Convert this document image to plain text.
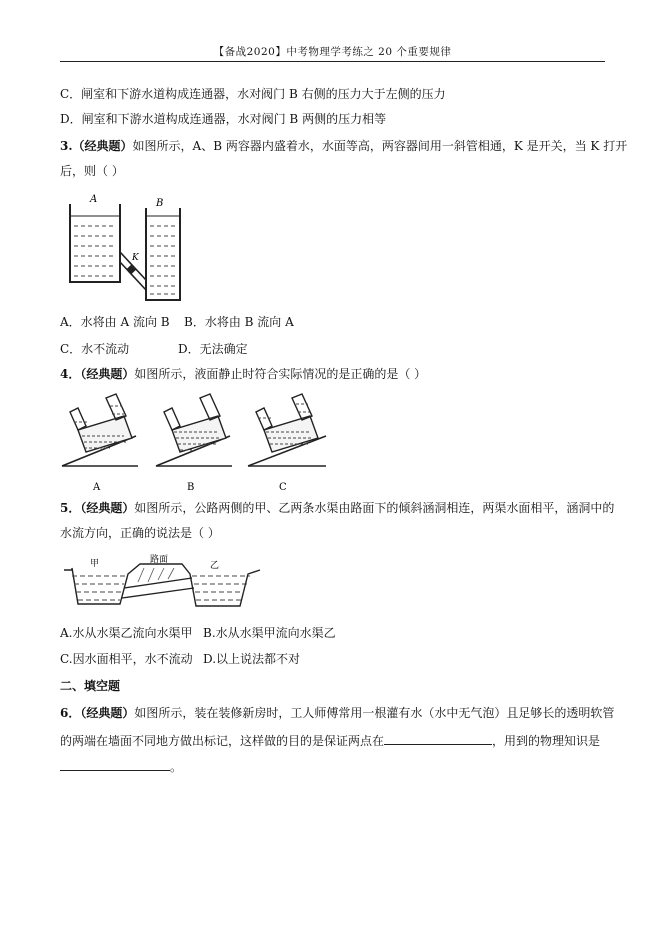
【备战2020】中考物理学考练之 20 个重要规律
C．闸室和下游水道构成连通器，水对阀门 B 右侧的压力大于左侧的压力
D．闸室和下游水道构成连通器，水对阀门 B 两侧的压力相等
3.（经典题）如图所示，A、B 两容器内盛着水，水面等高，两容器间用一斜管相通，K 是开关，当 K 打开
后，则（ ）
A	B
K
A．水将由 A 流向 B B．水将由 B 流向 A
C．水不流动	D．无法确定
4．（经典题）如图所示，液面静止时符合实际情况的是正确的是（ ）
A	B	C
5．（经典题）如图所示，公路两侧的甲、乙两条水渠由路面下的倾斜涵洞相连，两渠水面相平，涵洞中的
水流方向，正确的说法是（ ）
甲	路面
乙
A.水从水渠乙流向水渠甲 B.水从水渠甲流向水渠乙
C.因水面相平，水不流动 D.以上说法都不对
二、填空题
6．（经典题）如图所示，装在装修新房时，工人师傅常用一根灌有水（水中无气泡）且足够长的透明软管
的两端在墙面不同地方做出标记，这样做的目的是保证两点在	，用到的物理知识是
。
